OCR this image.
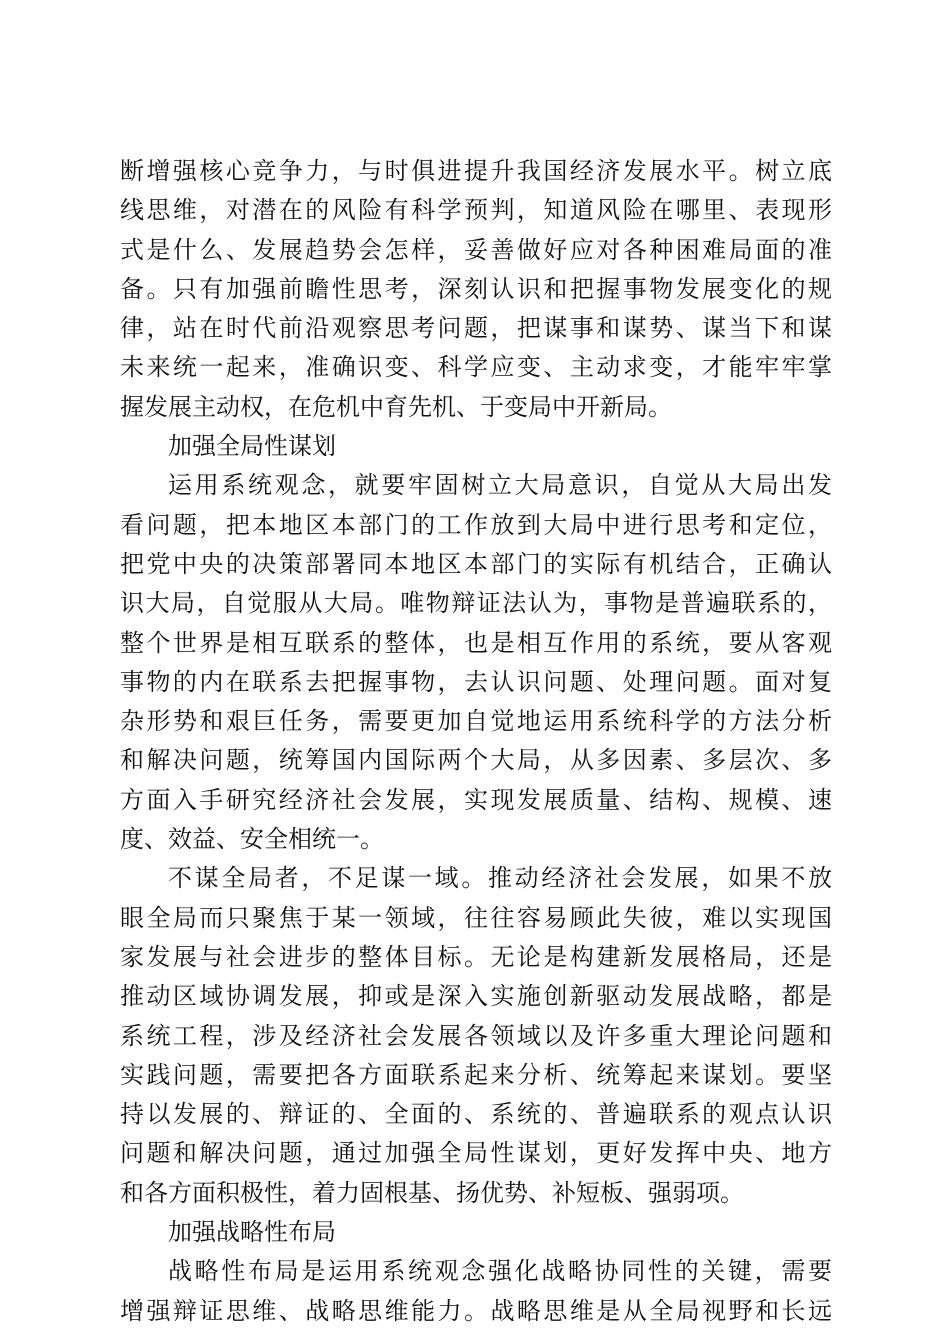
断增强核心竞争力，与时俱进提升我国经济发展水平。树立底
线思维，对潜在的风险有科学预判，知道风险在哪里、表现形
式是什么、发展趋势会怎样，妥善做好应对各种困难局面的准
备。只有加强前瞻性思考，深刻认识和把握事物发展变化的规
律，站在时代前沿观察思考问题，把谋事和谋势、谋当下和谋
未来统一起来，准确识变、科学应变、主动求变，才能牢牢掌
握发展主动权，在危机中育先机、于变局中开新局。
加强全局性谋划
运用系统观念，就要牢固树立大局意识，自觉从大局出发
看问题，把本地区本部门的工作放到大局中进行思考和定位，
把党中央的决策部署同本地区本部门的实际有机结合，正确认
识大局，自觉服从大局。唯物辩证法认为，事物是普遍联系的，
整个世界是相互联系的整体，也是相互作用的系统，要从客观
事物的内在联系去把握事物，去认识问题、处理问题。面对复
杂形势和艰巨任务，需要更加自觉地运用系统科学的方法分析
和解决问题，统筹国内国际两个大局，从多因素、多层次、多
方面入手研究经济社会发展，实现发展质量、结构、规模、速
度、效益、安全相统一。
不谋全局者，不足谋一域。推动经济社会发展，如果不放
眼全局而只聚焦于某一领域，往往容易顾此失彼，难以实现国
家发展与社会进步的整体目标。无论是构建新发展格局，还是
推动区域协调发展，抑或是深入实施创新驱动发展战略，都是
系统工程，涉及经济社会发展各领域以及许多重大理论问题和
实践问题，需要把各方面联系起来分析、统筹起来谋划。要坚
持以发展的、辩证的、全面的、系统的、普遍联系的观点认识
问题和解决问题，通过加强全局性谋划，更好发挥中央、地方
和各方面积极性，着力固根基、扬优势、补短板、强弱项。
加强战略性布局
战略性布局是运用系统观念强化战略协同性的关键，需要
增强辩证思维、战略思维能力。战略思维是从全局视野和长远
